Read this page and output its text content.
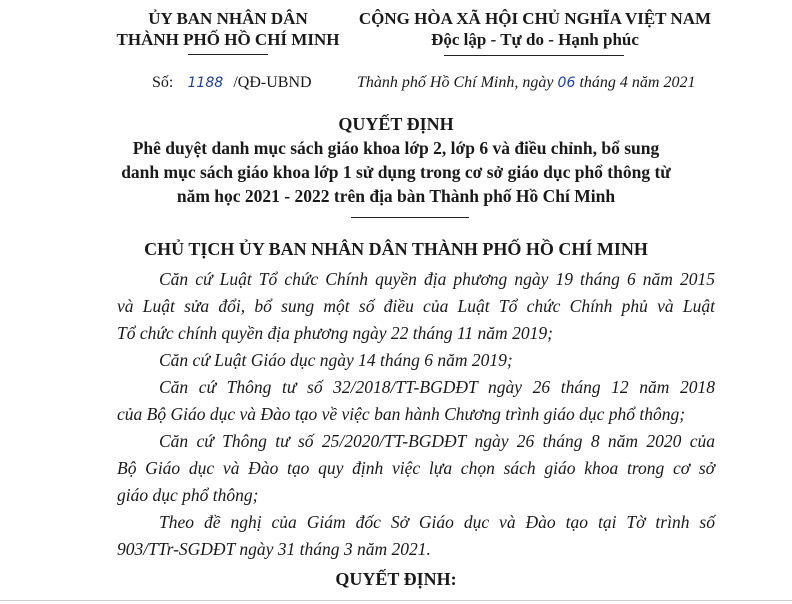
ỦY BAN NHÂN DÂN
THÀNH PHỐ HỒ CHÍ MINH
CỘNG HÒA XÃ HỘI CHỦ NGHĨA VIỆT NAM
Độc lập - Tự do - Hạnh phúc
Số: 1188 /QĐ-UBND	Thành phố Hồ Chí Minh, ngày 06 tháng 4 năm 2021
QUYẾT ĐỊNH
Phê duyệt danh mục sách giáo khoa lớp 2, lớp 6 và điều chỉnh, bổ sung
danh mục sách giáo khoa lớp 1 sử dụng trong cơ sở giáo dục phổ thông từ
năm học 2021 - 2022 trên địa bàn Thành phố Hồ Chí Minh
CHỦ TỊCH ỦY BAN NHÂN DÂN THÀNH PHỐ HỒ CHÍ MINH
Căn cứ Luật Tổ chức Chính quyền địa phương ngày 19 tháng 6 năm 2015
và Luật sửa đổi, bổ sung một số điều của Luật Tổ chức Chính phủ và Luật
Tổ chức chính quyền địa phương ngày 22 tháng 11 năm 2019;
Căn cứ Luật Giáo dục ngày 14 tháng 6 năm 2019;
Căn cứ Thông tư số 32/2018/TT-BGDĐT ngày 26 tháng 12 năm 2018
của Bộ Giáo dục và Đào tạo về việc ban hành Chương trình giáo dục phổ thông;
Căn cứ Thông tư số 25/2020/TT-BGDĐT ngày 26 tháng 8 năm 2020 của
Bộ Giáo dục và Đào tạo quy định việc lựa chọn sách giáo khoa trong cơ sở
giáo dục phổ thông;
Theo đề nghị của Giám đốc Sở Giáo dục và Đào tạo tại Tờ trình số
903/TTr-SGDĐT ngày 31 tháng 3 năm 2021.
QUYẾT ĐỊNH:
